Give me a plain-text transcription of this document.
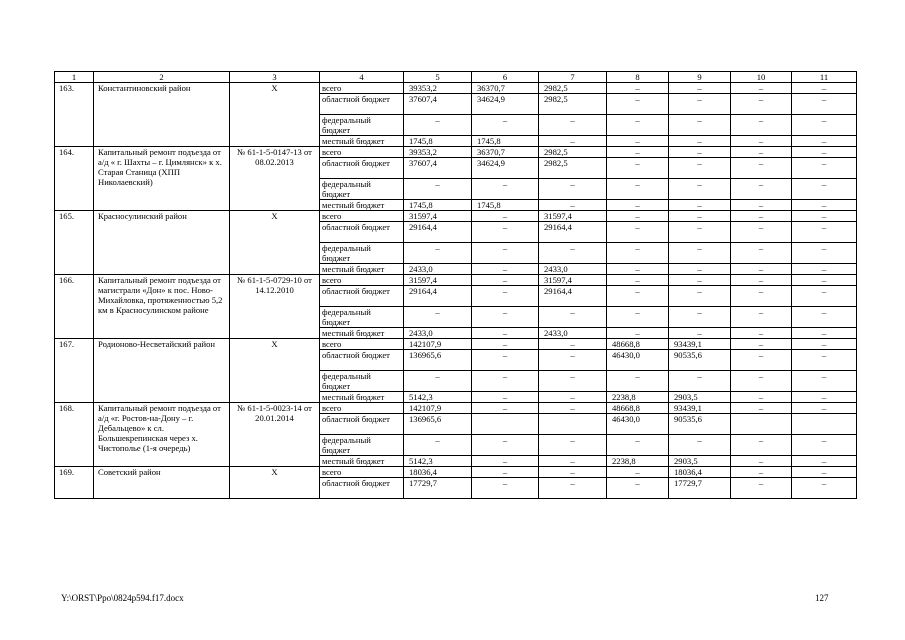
1	2	3	4	5	6	7	8	9	10	11
163.	Константиновский район	X	всего	39353,2	36370,7	2982,5	–	–	–	–
			областной бюджет	37607,4	34624,9	2982,5	–	–	–	–
			федеральный бюджет	–	–	–	–	–	–	–
			местный бюджет	1745,8	1745,8	–	–	–	–	–
164.	Капитальный ремонт подъезда от а/д « г. Шахты – г. Цимлянск» к х. Старая Станица (ХПП Николаевский)	№ 61-1-5-0147-13 от 08.02.2013	всего	39353,2	36370,7	2982,5	–	–	–	–
			областной бюджет	37607,4	34624,9	2982,5	–	–	–	–
			федеральный бюджет	–	–	–	–	–	–	–
			местный бюджет	1745,8	1745,8	–	–	–	–	–
165.	Красносулинский район	X	всего	31597,4	–	31597,4	–	–	–	–
			областной бюджет	29164,4	–	29164,4	–	–	–	–
			федеральный бюджет	–	–	–	–	–	–	–
			местный бюджет	2433,0	–	2433,0	–	–	–	–
166.	Капитальный ремонт подъезда от магистрали «Дон» к пос. Ново-Михайловка, протяженностью 5,2 км в Красносулинском районе	№ 61-1-5-0729-10 от 14.12.2010	всего	31597,4	–	31597,4	–	–	–	–
			областной бюджет	29164,4	–	29164,4	–	–	–	–
			федеральный бюджет	–	–	–	–	–	–	–
			местный бюджет	2433,0	–	2433,0	–	–	–	–
167.	Родионово-Несветайский район	X	всего	142107,9	–	–	48668,8	93439,1	–	–
			областной бюджет	136965,6	–	–	46430,0	90535,6	–	–
			федеральный бюджет	–	–	–	–	–	–	–
			местный бюджет	5142,3	–	–	2238,8	2903,5	–	–
168.	Капитальный ремонт подъезда от а/д «г. Ростов-на-Дону – г. Дебальцево» к сл. Большекрепинская через х. Чистополье (1-я очередь)	№ 61-1-5-0023-14 от 20.01.2014	всего	142107,9	–	–	48668,8	93439,1	–	–
			областной бюджет	136965,6			46430,0	90535,6		
			федеральный бюджет	–	–	–	–	–	–	–
			местный бюджет	5142,3	–	–	2238,8	2903,5	–	–
169.	Советский район	X	всего	18036,4	–	–	–	18036,4	–	–
			областной бюджет	17729,7	–	–	–	17729,7	–	–
Y:\ORST\Ppo\0824p594.f17.docx	127
